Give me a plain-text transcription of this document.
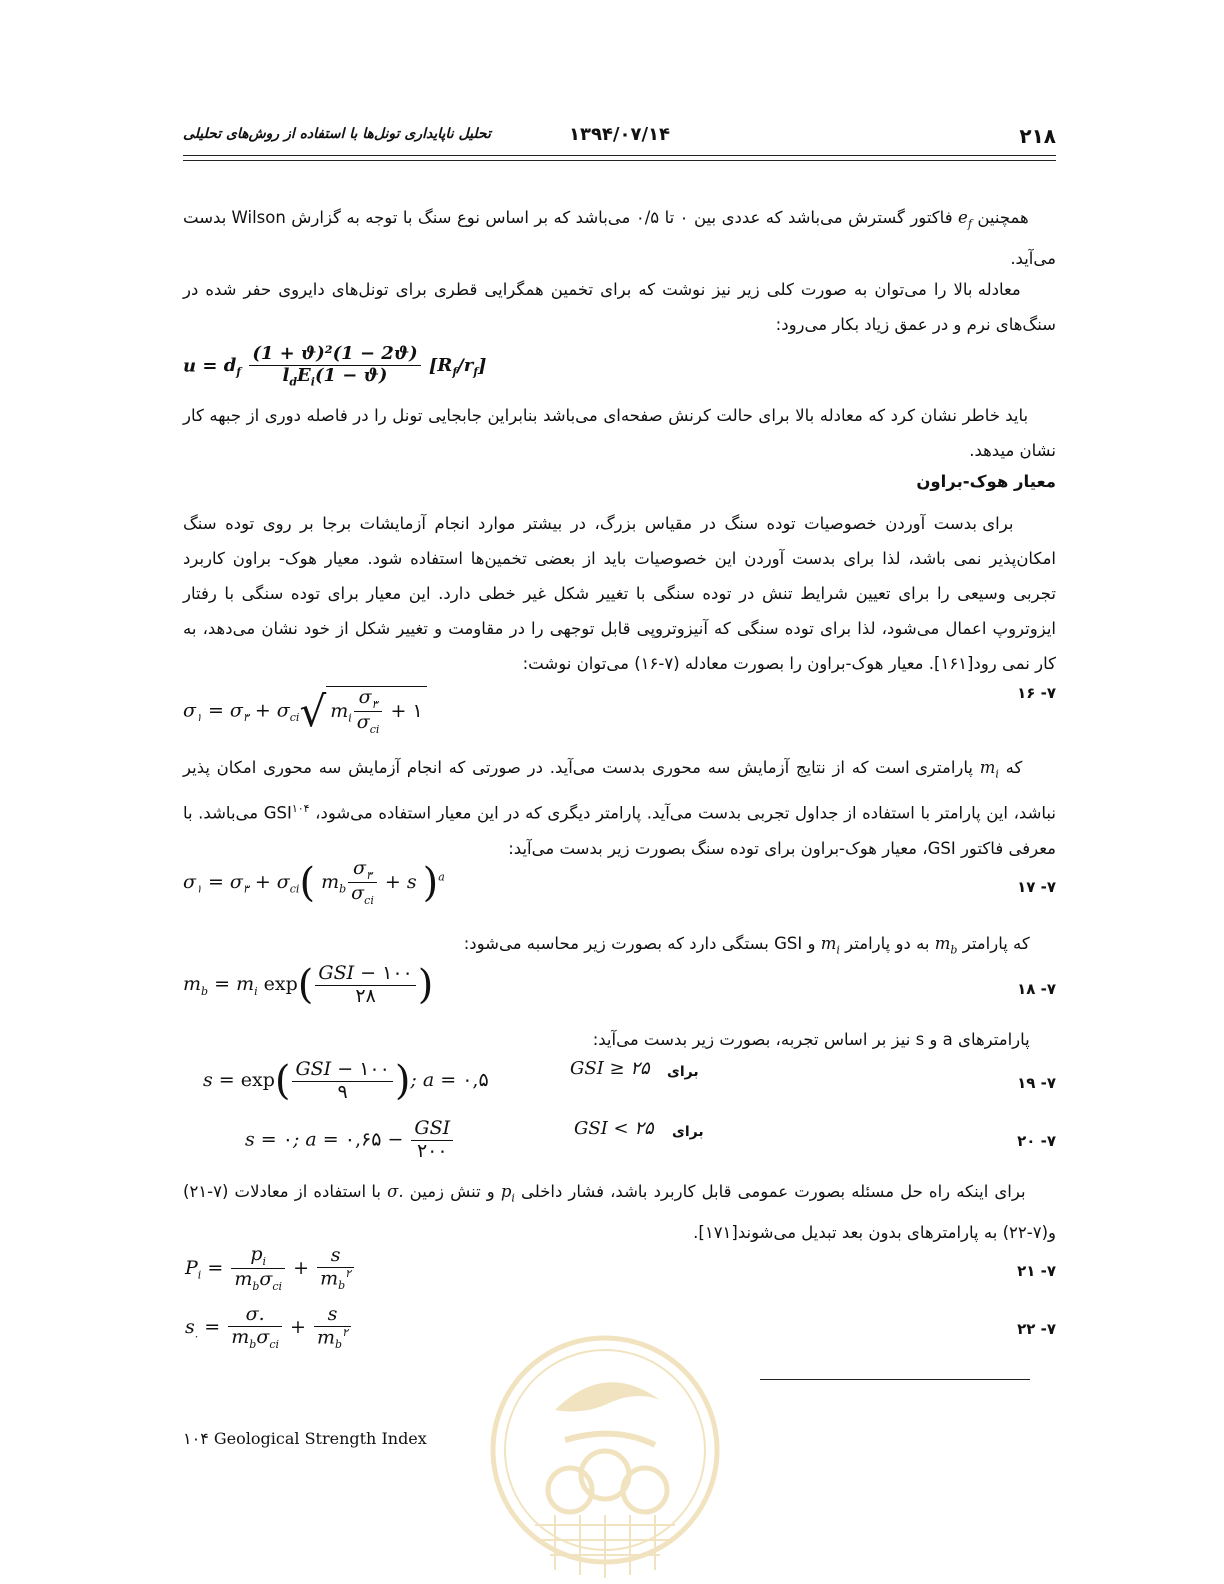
۲۱۸
۱۳۹۴/۰۷/۱۴
تحلیل ناپایداری تونل‌ها با استفاده از روش‌های تحلیلی
همچنین $e_f$ فاکتور گسترش می‌باشد که عددی بین ۰ تا ۰/۵ می‌باشد که بر اساس نوع سنگ با توجه به گزارش Wilson بدست می‌آید.
معادله بالا را می‌توان به صورت کلی زیر نیز نوشت که برای تخمین همگرایی قطری برای تونل‌های دایروی حفر شده در سنگ‌های نرم و در عمق زیاد بکار می‌رود:
$u = d_f \frac{\text{(1 + ϑ)²(1 − 2ϑ)}}{l_dE_i(1 - ϑ)} [R_f/r_f]$
باید خاطر نشان کرد که معادله بالا برای حالت کرنش صفحه‌ای می‌باشد بنابراین جابجایی تونل را در فاصله دوری از جبهه کار نشان میدهد.
معیار هوک-براون
برای بدست آوردن خصوصیات توده سنگ در مقیاس بزرگ، در بیشتر موارد انجام آزمایشات برجا بر روی توده سنگ امکان‌پذیر نمی باشد، لذا برای بدست آوردن این خصوصیات باید از بعضی تخمین‌ها استفاده شود. معیار هوک- براون کاربرد تجربی وسیعی را برای تعیین شرایط تنش در توده سنگی با تغییر شکل غیر خطی دارد. این معیار برای توده سنگی با رفتار ایزوتروپ اعمال می‌شود، لذا برای توده سنگی که آنیزوتروپی قابل توجهی را در مقاومت و تغییر شکل از خود نشان می‌دهد، به کار نمی رود[۱۶۱]. معیار هوک-براون را بصورت معادله (۷-۱۶) می‌توان نوشت:
$\sigma_۱ = \sigma_۳ + \sigma_{ci}√$ $m_i \frac{\sigma_۳}{\sigma_{ci}}$ + ۱
۷- ۱۶
که $m_i$ پارامتری است که از نتایج آزمایش سه محوری بدست می‌آید. در صورتی که انجام آزمایش سه محوری امکان پذیر نباشد، این پارامتر با استفاده از جداول تجربی بدست می‌آید. پارامتر دیگری که در این معیار استفاده می‌شود، GSI$^{۱۰۴}$ می‌باشد. با معرفی فاکتور GSI، معیار هوک-براون برای توده سنگ بصورت زیر بدست می‌آید:
$\sigma_۱ = \sigma_۳ + \sigma_{ci}$( $m_b \frac{\sigma_۳}{\sigma_{ci}} + s$ )$^a$
۷- ۱۷
که پارامتر $m_b$ به دو پارامتر $m_i$ و GSI بستگی دارد که بصورت زیر محاسبه می‌شود:
$m_b = m_i$ $\exp( \frac{\text{GSI − ۱۰۰}}{۲۸}$ )	۷- ۱۸
پارامترهای a و s نیز بر اساس تجربه، بصورت زیر بدست می‌آید:
$s = \exp( \frac{\text{GSI − ۱۰۰}}{۹}$ ); a = ۰,۵
GSI ≥ ۲۵ برای
۷- ۱۹
s = ۰; a = ۰,۶۵ − $\frac{\text{GSI}}{۲۰۰}$	GSI < ۲۵ برای	۷- ۲۰
برای اینکه راه حل مسئله بصورت عمومی قابل کاربرد باشد، فشار داخلی $p_i$ و تنش زمین σ. با استفاده از معادلات (۷-۲۱) و(۷-۲۲) به پارامترهای بدون بعد تبدیل می‌شوند[۱۷۱].
$P_i = \frac{p_i}{m_b\sigma_{ci}} + \frac{s}{m_b^۲}$	۷- ۲۱
$s_. = \frac{\sigma.}{m_b\sigma_{ci}} + \frac{s}{m_b^۲}$	۷- ۲۲
۱۰۴ Geological Strength Index
